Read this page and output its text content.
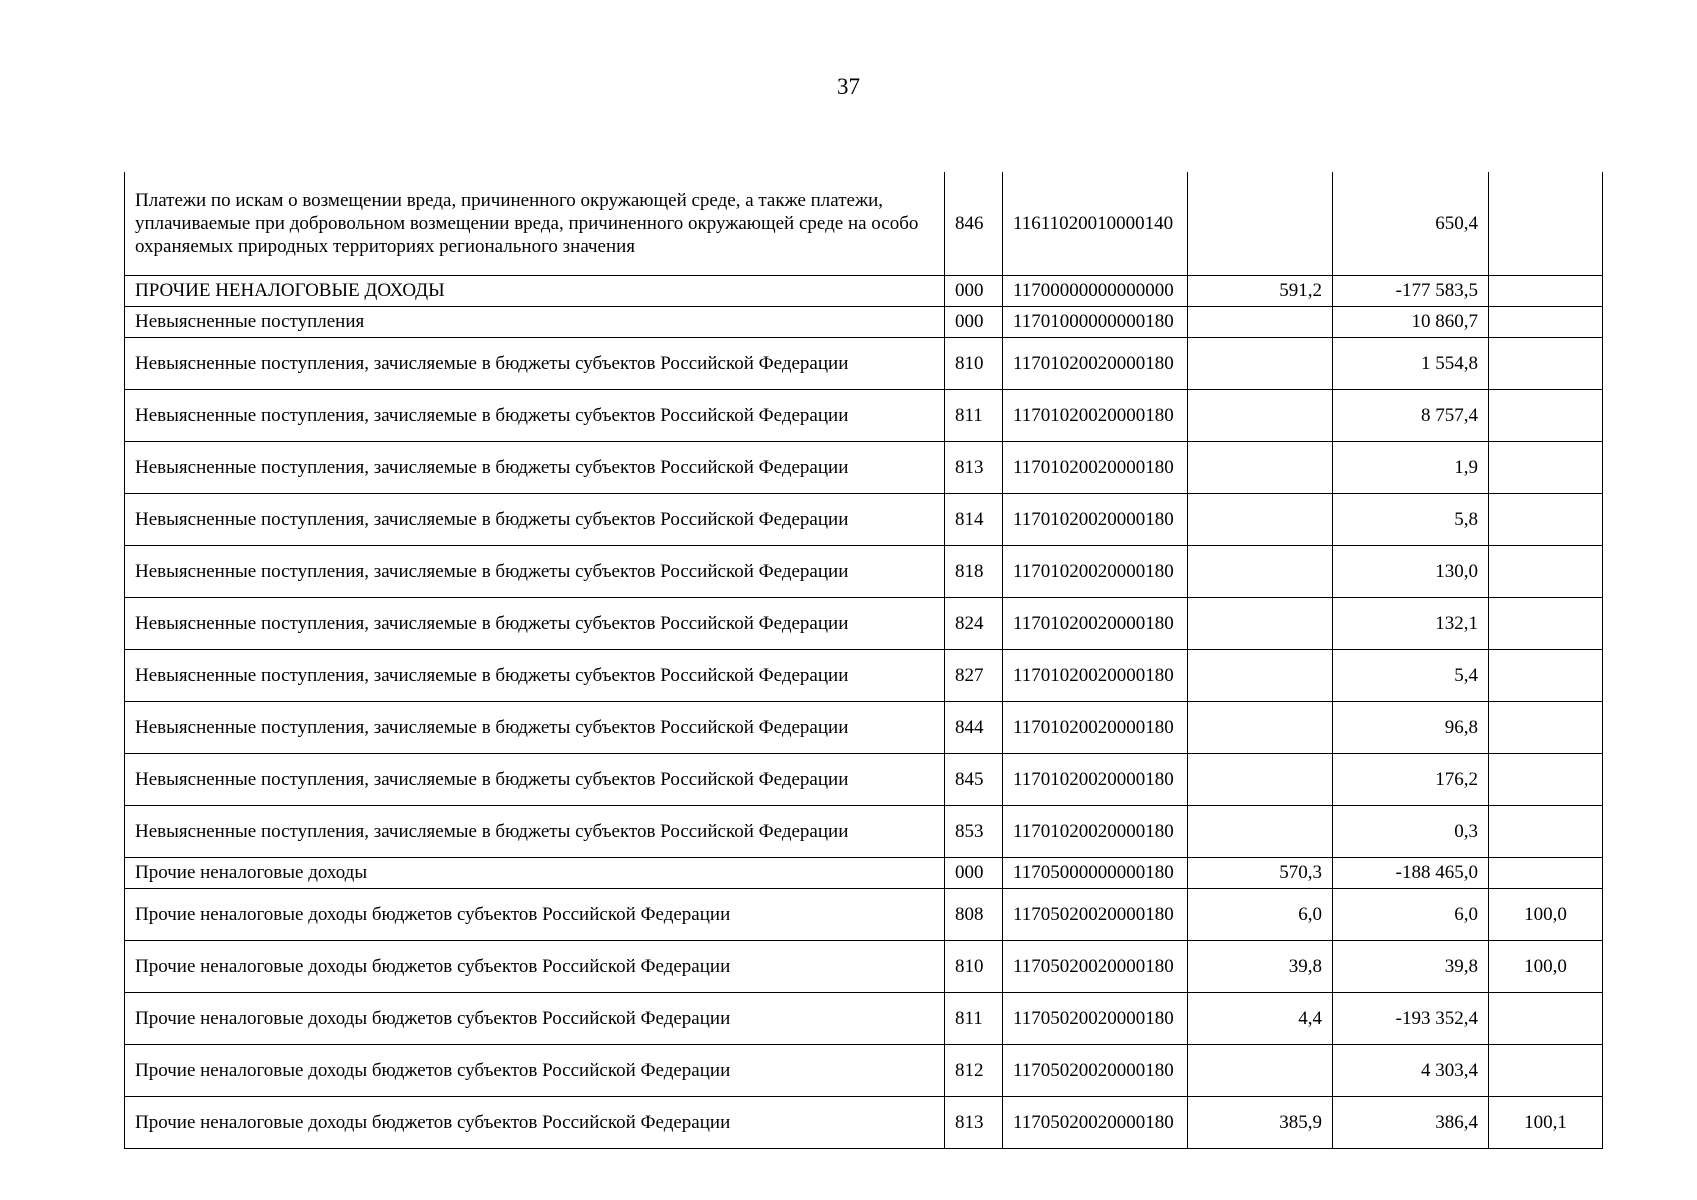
37
Платежи по искам о возмещении вреда, причиненного окружающей среде, а также платежи, уплачиваемые при добровольном возмещении вреда, причиненного окружающей среде на особо охраняемых природных территориях регионального значения	846	11611020010000140		650,4	
ПРОЧИЕ НЕНАЛОГОВЫЕ ДОХОДЫ	000	11700000000000000	591,2	-177 583,5	
Невыясненные поступления	000	11701000000000180		10 860,7	
Невыясненные поступления, зачисляемые в бюджеты субъектов Российской Федерации	810	11701020020000180		1 554,8	
Невыясненные поступления, зачисляемые в бюджеты субъектов Российской Федерации	811	11701020020000180		8 757,4	
Невыясненные поступления, зачисляемые в бюджеты субъектов Российской Федерации	813	11701020020000180		1,9	
Невыясненные поступления, зачисляемые в бюджеты субъектов Российской Федерации	814	11701020020000180		5,8	
Невыясненные поступления, зачисляемые в бюджеты субъектов Российской Федерации	818	11701020020000180		130,0	
Невыясненные поступления, зачисляемые в бюджеты субъектов Российской Федерации	824	11701020020000180		132,1	
Невыясненные поступления, зачисляемые в бюджеты субъектов Российской Федерации	827	11701020020000180		5,4	
Невыясненные поступления, зачисляемые в бюджеты субъектов Российской Федерации	844	11701020020000180		96,8	
Невыясненные поступления, зачисляемые в бюджеты субъектов Российской Федерации	845	11701020020000180		176,2	
Невыясненные поступления, зачисляемые в бюджеты субъектов Российской Федерации	853	11701020020000180		0,3	
Прочие неналоговые доходы	000	11705000000000180	570,3	-188 465,0	
Прочие неналоговые доходы бюджетов субъектов Российской Федерации	808	11705020020000180	6,0	6,0	100,0
Прочие неналоговые доходы бюджетов субъектов Российской Федерации	810	11705020020000180	39,8	39,8	100,0
Прочие неналоговые доходы бюджетов субъектов Российской Федерации	811	11705020020000180	4,4	-193 352,4	
Прочие неналоговые доходы бюджетов субъектов Российской Федерации	812	11705020020000180		4 303,4	
Прочие неналоговые доходы бюджетов субъектов Российской Федерации	813	11705020020000180	385,9	386,4	100,1
